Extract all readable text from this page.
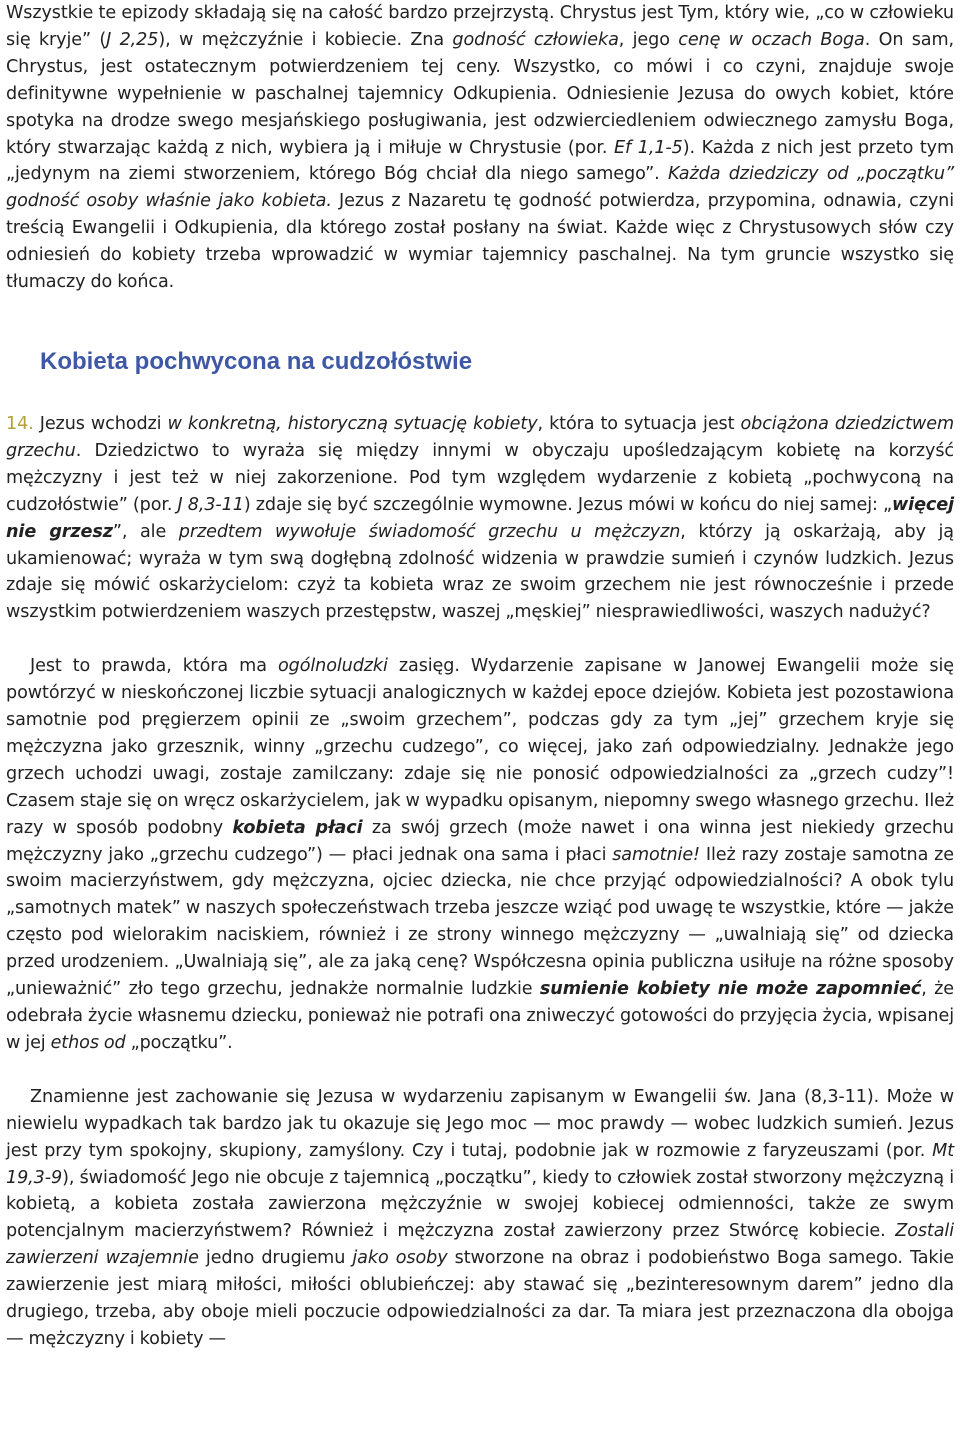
Wszystkie te epizody składają się na całość bardzo przejrzystą. Chrystus jest Tym, który wie, „co w człowieku się kryje” (J 2,25), w mężczyźnie i kobiecie. Zna godność człowieka, jego cenę w oczach Boga. On sam, Chrystus, jest ostatecznym potwierdzeniem tej ceny. Wszystko, co mówi i co czyni, znajduje swoje definitywne wypełnienie w paschalnej tajemnicy Odkupienia. Odniesienie Jezusa do owych kobiet, które spotyka na drodze swego mesjańskiego posługiwania, jest odzwierciedleniem odwiecznego zamysłu Boga, który stwarzając każdą z nich, wybiera ją i miłuje w Chrystusie (por. Ef 1,1-5). Każda z nich jest przeto tym „jedynym na ziemi stworzeniem, którego Bóg chciał dla niego samego”. Każda dziedziczy od „początku” godność osoby właśnie jako kobieta. Jezus z Nazaretu tę godność potwierdza, przypomina, odnawia, czyni treścią Ewangelii i Odkupienia, dla którego został posłany na świat. Każde więc z Chrystusowych słów czy odniesień do kobiety trzeba wprowadzić w wymiar tajemnicy paschalnej. Na tym gruncie wszystko się tłumaczy do końca.

Kobieta pochwycona na cudzołóstwie

14. Jezus wchodzi w konkretną, historyczną sytuację kobiety, która to sytuacja jest obciążona dziedzictwem grzechu. Dziedzictwo to wyraża się między innymi w obyczaju upośledzającym kobietę na korzyść mężczyzny i jest też w niej zakorzenione. Pod tym względem wydarzenie z kobietą „pochwyconą na cudzołóstwie” (por. J 8,3-11) zdaje się być szczególnie wymowne. Jezus mówi w końcu do niej samej: „więcej nie grzesz”, ale przedtem wywołuje świadomość grzechu u mężczyzn, którzy ją oskarżają, aby ją ukamienować; wyraża w tym swą dogłębną zdolność widzenia w prawdzie sumień i czynów ludzkich. Jezus zdaje się mówić oskarżycielom: czyż ta kobieta wraz ze swoim grzechem nie jest równocześnie i przede wszystkim potwierdzeniem waszych przestępstw, waszej „męskiej” niesprawiedliwości, waszych nadużyć?

Jest to prawda, która ma ogólnoludzki zasięg. Wydarzenie zapisane w Janowej Ewangelii może się powtórzyć w nieskończonej liczbie sytuacji analogicznych w każdej epoce dziejów. Kobieta jest pozostawiona samotnie pod pręgierzem opinii ze „swoim grzechem”, podczas gdy za tym „jej” grzechem kryje się mężczyzna jako grzesznik, winny „grzechu cudzego”, co więcej, jako zań odpowiedzialny. Jednakże jego grzech uchodzi uwagi, zostaje zamilczany: zdaje się nie ponosić odpowiedzialności za „grzech cudzy”! Czasem staje się on wręcz oskarżycielem, jak w wypadku opisanym, niepomny swego własnego grzechu. Ileż razy w sposób podobny kobieta płaci za swój grzech (może nawet i ona winna jest niekiedy grzechu mężczyzny jako „grzechu cudzego”) — płaci jednak ona sama i płaci samotnie! Ileż razy zostaje samotna ze swoim macierzyństwem, gdy mężczyzna, ojciec dziecka, nie chce przyjąć odpowiedzialności? A obok tylu „samotnych matek” w naszych społeczeństwach trzeba jeszcze wziąć pod uwagę te wszystkie, które — jakże często pod wielorakim naciskiem, również i ze strony winnego mężczyzny — „uwalniają się” od dziecka przed urodzeniem. „Uwalniają się”, ale za jaką cenę? Współczesna opinia publiczna usiłuje na różne sposoby „unieważnić” zło tego grzechu, jednakże normalnie ludzkie sumienie kobiety nie może zapomnieć, że odebrała życie własnemu dziecku, ponieważ nie potrafi ona zniweczyć gotowości do przyjęcia życia, wpisanej w jej ethos od „początku”.

Znamienne jest zachowanie się Jezusa w wydarzeniu zapisanym w Ewangelii św. Jana (8,3-11). Może w niewielu wypadkach tak bardzo jak tu okazuje się Jego moc — moc prawdy — wobec ludzkich sumień. Jezus jest przy tym spokojny, skupiony, zamyślony. Czy i tutaj, podobnie jak w rozmowie z faryzeuszami (por. Mt 19,3-9), świadomość Jego nie obcuje z tajemnicą „początku”, kiedy to człowiek został stworzony mężczyzną i kobietą, a kobieta została zawierzona mężczyźnie w swojej kobiecej odmienności, także ze swym potencjalnym macierzyństwem? Również i mężczyzna został zawierzony przez Stwórcę kobiecie. Zostali zawierzeni wzajemnie jedno drugiemu jako osoby stworzone na obraz i podobieństwo Boga samego. Takie zawierzenie jest miarą miłości, miłości oblubieńczej: aby stawać się „bezinteresownym darem” jedno dla drugiego, trzeba, aby oboje mieli poczucie odpowiedzialności za dar. Ta miara jest przeznaczona dla obojga — mężczyzny i kobiety —
